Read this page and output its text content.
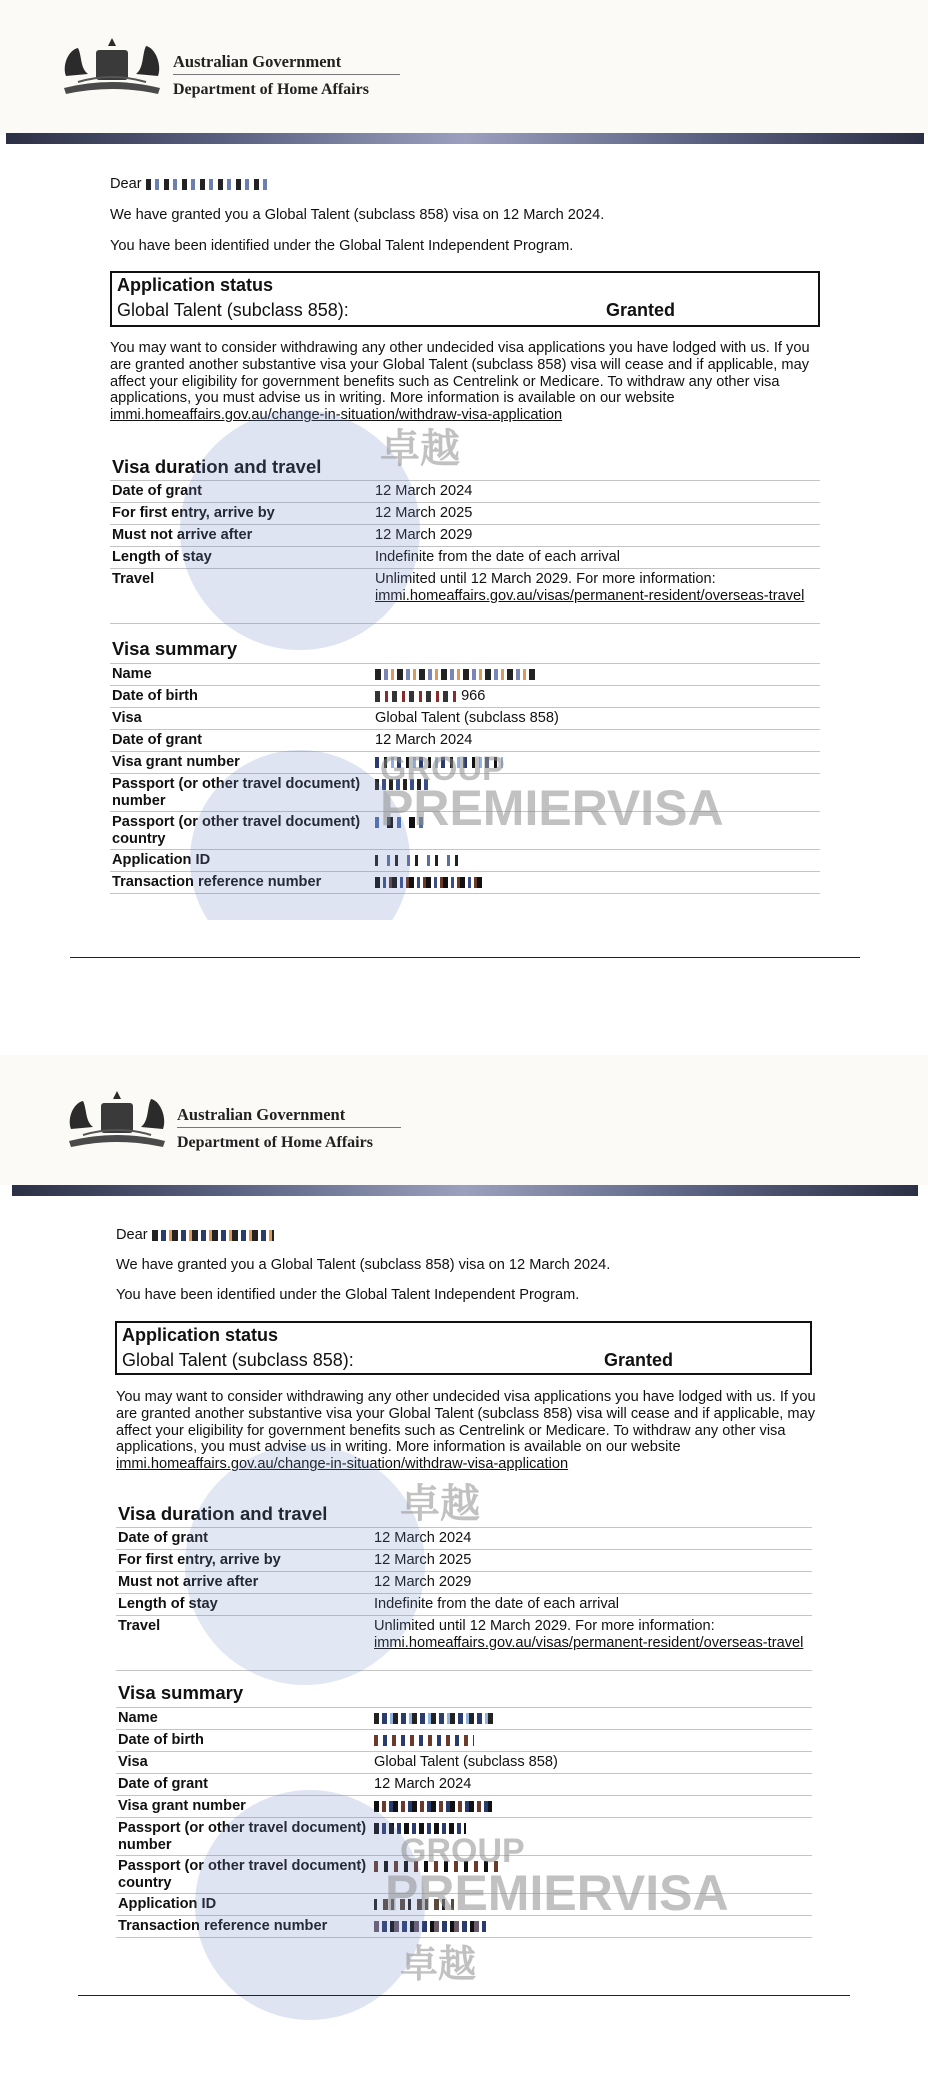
Australian Government
Department of Home Affairs
Dear
We have granted you a Global Talent (subclass 858) visa on 12 March 2024.
You have been identified under the Global Talent Independent Program.
Application status
Global Talent (subclass 858):	Granted
You may want to consider withdrawing any other undecided visa applications you have lodged with us. If you are granted another substantive visa your Global Talent (subclass 858) visa will cease and if applicable, may affect your eligibility for government benefits such as Centrelink or Medicare. To withdraw any other visa applications, you must advise us in writing. More information is available on our website immi.homeaffairs.gov.au/change-in-situation/withdraw-visa-application
Visa duration and travel
Date of grant	12 March 2024
For first entry, arrive by	12 March 2025
Must not arrive after	12 March 2029
Length of stay	Indefinite from the date of each arrival
Travel	Unlimited until 12 March 2029. For more information: immi.homeaffairs.gov.au/visas/permanent-resident/overseas-travel
Visa summary
Name
Date of birth	966
Visa	Global Talent (subclass 858)
Date of grant	12 March 2024
Visa grant number
Passport (or other travel document) number
Passport (or other travel document) country
Application ID
Transaction reference number
GROUP
PREMIERVISA
卓越
Australian Government
Department of Home Affairs
Dear
We have granted you a Global Talent (subclass 858) visa on 12 March 2024.
You have been identified under the Global Talent Independent Program.
Application status
Global Talent (subclass 858):	Granted
You may want to consider withdrawing any other undecided visa applications you have lodged with us. If you are granted another substantive visa your Global Talent (subclass 858) visa will cease and if applicable, may affect your eligibility for government benefits such as Centrelink or Medicare. To withdraw any other visa applications, you must advise us in writing. More information is available on our website immi.homeaffairs.gov.au/change-in-situation/withdraw-visa-application
Visa duration and travel
Date of grant	12 March 2024
For first entry, arrive by	12 March 2025
Must not arrive after	12 March 2029
Length of stay	Indefinite from the date of each arrival
Travel	Unlimited until 12 March 2029. For more information: immi.homeaffairs.gov.au/visas/permanent-resident/overseas-travel
Visa summary
Name
Date of birth
Visa	Global Talent (subclass 858)
Date of grant	12 March 2024
Visa grant number
Passport (or other travel document) number
Passport (or other travel document) country
Application ID
Transaction reference number
GROUP
PREMIERVISA
卓越
卓越
